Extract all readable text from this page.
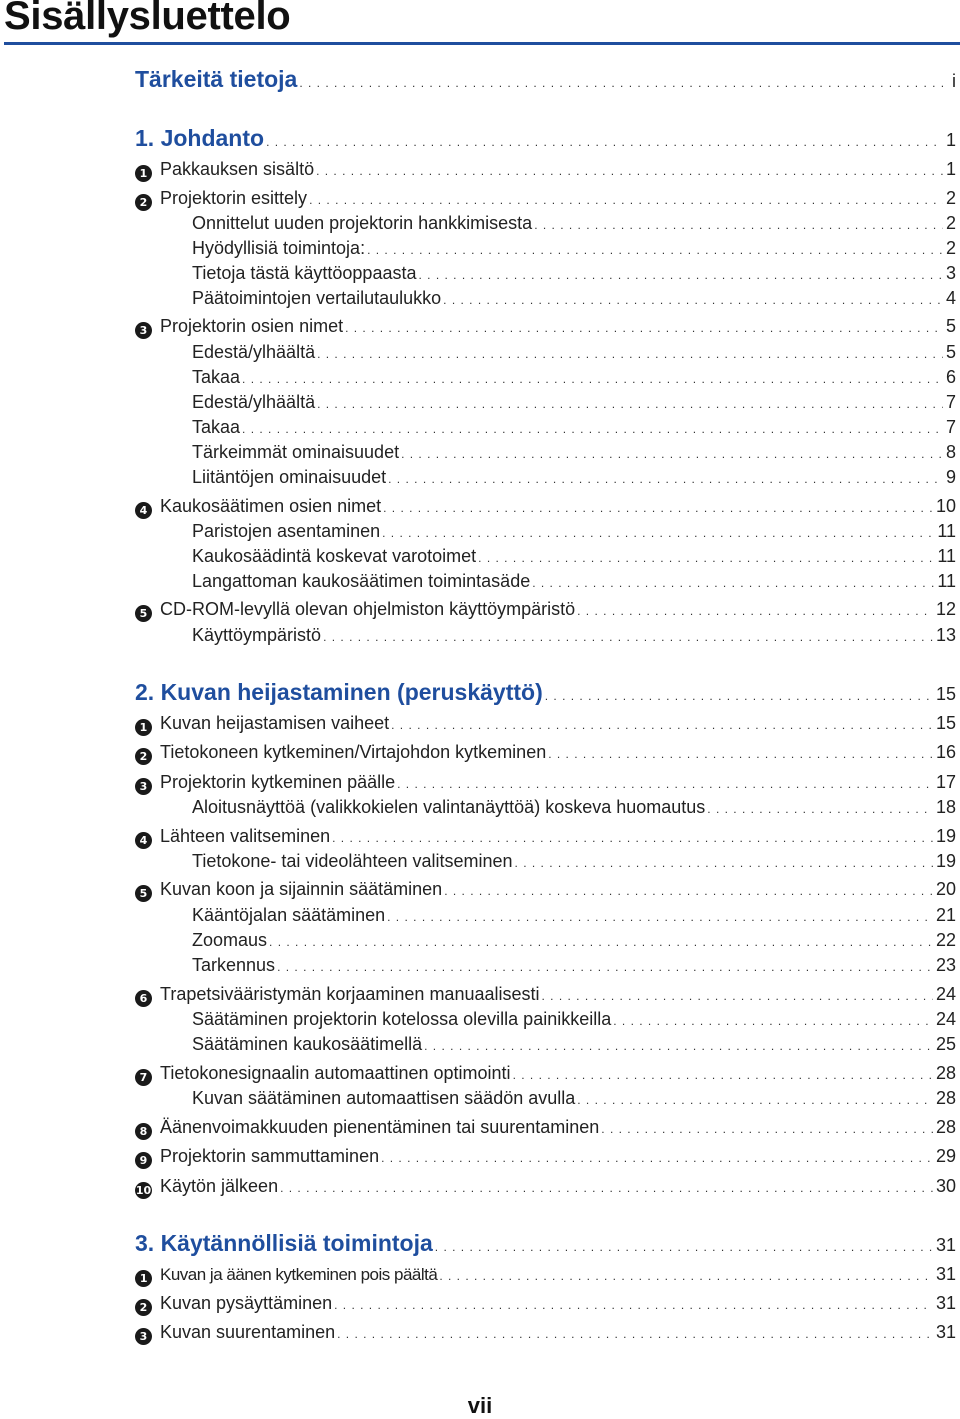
Sisällysluettelo
Tärkeitä tietoja . . .	i
1. Johdanto . . .	1
1 Pakkauksen sisältö . . .	1
2 Projektorin esittely . . .	2
Onnittelut uuden projektorin hankkimisesta . . .	2
Hyödyllisiä toimintoja: . . .	2
Tietoja tästä käyttöoppaasta . . .	3
Päätoimintojen vertailutaulukko . . .	4
3 Projektorin osien nimet . . .	5
Edestä/ylhäältä . . .	5
Takaa . . .	6
Edestä/ylhäältä . . .	7
Takaa . . .	7
Tärkeimmät ominaisuudet . . .	8
Liitäntöjen ominaisuudet . . .	9
4 Kaukosäätimen osien nimet . . .	10
Paristojen asentaminen . . .	11
Kaukosäädintä koskevat varotoimet . . .	11
Langattoman kaukosäätimen toimintasäde . . .	11
5 CD-ROM-levyllä olevan ohjelmiston käyttöympäristö . . .	12
Käyttöympäristö . . .	13
2. Kuvan heijastaminen (peruskäyttö) . . .	15
1 Kuvan heijastamisen vaiheet . . .	15
2 Tietokoneen kytkeminen/Virtajohdon kytkeminen . . .	16
3 Projektorin kytkeminen päälle . . .	17
Aloitusnäyttöä (valikkokielen valintanäyttöä) koskeva huomautus . . .	18
4 Lähteen valitseminen . . .	19
Tietokone- tai videolähteen valitseminen . . .	19
5 Kuvan koon ja sijainnin säätäminen . . .	20
Kääntöjalan säätäminen . . .	21
Zoomaus . . .	22
Tarkennus . . .	23
6 Trapetsivääristymän korjaaminen manuaalisesti . . .	24
Säätäminen projektorin kotelossa olevilla painikkeilla . . .	24
Säätäminen kaukosäätimellä . . .	25
7 Tietokonesignaalin automaattinen optimointi . . .	28
Kuvan säätäminen automaattisen säädön avulla . . .	28
8 Äänenvoimakkuuden pienentäminen tai suurentaminen . . .	28
9 Projektorin sammuttaminen . . .	29
10 Käytön jälkeen . . .	30
3. Käytännöllisiä toimintoja . . .	31
1 Kuvan ja äänen kytkeminen pois päältä . . .	31
2 Kuvan pysäyttäminen . . .	31
3 Kuvan suurentaminen . . .	31
vii
